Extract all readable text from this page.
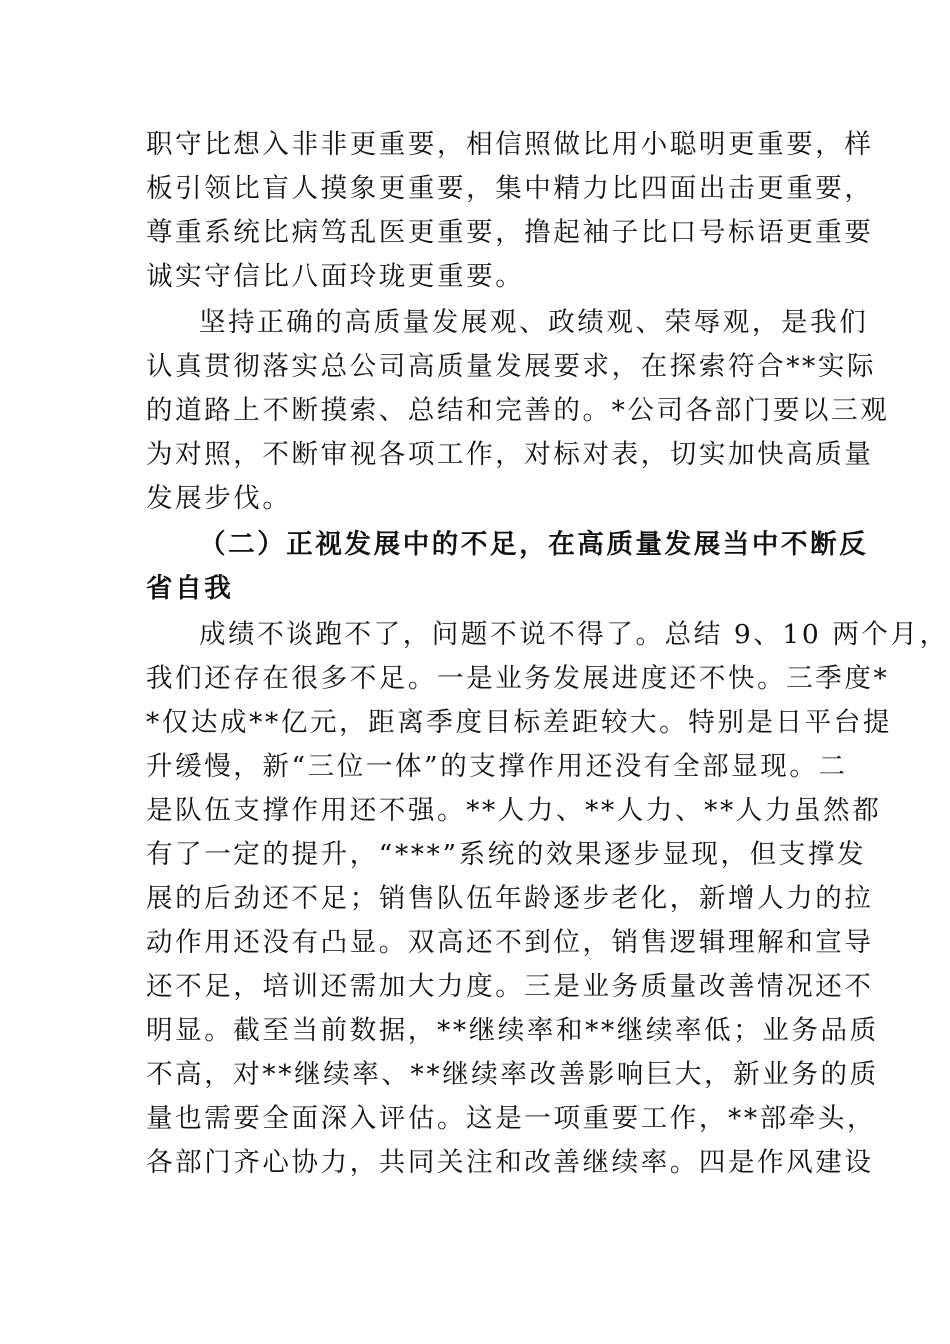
职守比想入非非更重要，相信照做比用小聪明更重要，样
板引领比盲人摸象更重要，集中精力比四面出击更重要，
尊重系统比病笃乱医更重要，撸起袖子比口号标语更重要
诚实守信比八面玲珑更重要。
坚持正确的高质量发展观、政绩观、荣辱观，是我们
认真贯彻落实总公司高质量发展要求，在探索符合**实际
的道路上不断摸索、总结和完善的。*公司各部门要以三观
为对照，不断审视各项工作，对标对表，切实加快高质量
发展步伐。
（二）正视发展中的不足，在高质量发展当中不断反
省自我
成绩不谈跑不了，问题不说不得了。总结 9、10 两个月，
我们还存在很多不足。一是业务发展进度还不快。三季度*
*仅达成**亿元，距离季度目标差距较大。特别是日平台提
升缓慢，新“三位一体”的支撑作用还没有全部显现。二
是队伍支撑作用还不强。**人力、**人力、**人力虽然都
有了一定的提升，“***”系统的效果逐步显现，但支撑发
展的后劲还不足；销售队伍年龄逐步老化，新增人力的拉
动作用还没有凸显。双高还不到位，销售逻辑理解和宣导
还不足，培训还需加大力度。三是业务质量改善情况还不
明显。截至当前数据，**继续率和**继续率低；业务品质
不高，对**继续率、**继续率改善影响巨大，新业务的质
量也需要全面深入评估。这是一项重要工作，**部牵头，
各部门齐心协力，共同关注和改善继续率。四是作风建设
